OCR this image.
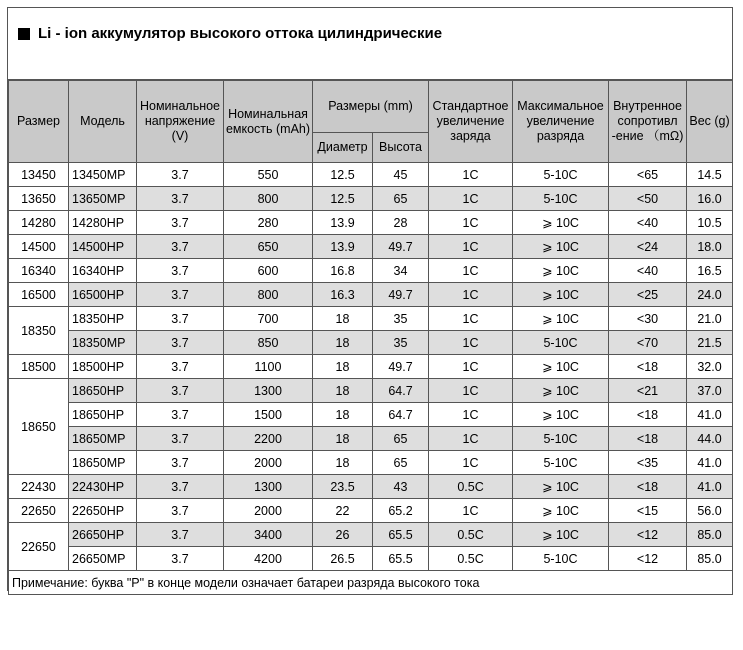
Li - ion аккумулятор высокого оттока цилиндрические
Размер	Модель	Номинальное напряжение (V)	Номинальная емкость (mAh)	Размеры (mm)		Стандартное увеличение заряда	Максимальное увеличение разряда	Внутренное сопротивл -ение （mΩ)	Вес (g)
				Диаметр	Высота				
13450	13450MP	3.7	550	12.5	45	1C	5-10C	<65	14.5
13650	13650MP	3.7	800	12.5	65	1C	5-10C	<50	16.0
14280	14280HP	3.7	280	13.9	28	1C	⩾ 10C	<40	10.5
14500	14500HP	3.7	650	13.9	49.7	1C	⩾ 10C	<24	18.0
16340	16340HP	3.7	600	16.8	34	1C	⩾ 10C	<40	16.5
16500	16500HP	3.7	800	16.3	49.7	1C	⩾ 10C	<25	24.0
18350	18350HP	3.7	700	18	35	1C	⩾ 10C	<30	21.0
	18350MP	3.7	850	18	35	1C	5-10C	<70	21.5
18500	18500HP	3.7	1100	18	49.7	1C	⩾ 10C	<18	32.0
18650	18650HP	3.7	1300	18	64.7	1C	⩾ 10C	<21	37.0
	18650HP	3.7	1500	18	64.7	1C	⩾ 10C	<18	41.0
	18650MP	3.7	2200	18	65	1C	5-10C	<18	44.0
	18650MP	3.7	2000	18	65	1C	5-10C	<35	41.0
22430	22430HP	3.7	1300	23.5	43	0.5C	⩾ 10C	<18	41.0
22650	22650HP	3.7	2000	22	65.2	1C	⩾ 10C	<15	56.0
22650	26650HP	3.7	3400	26	65.5	0.5C	⩾ 10C	<12	85.0
	26650MP	3.7	4200	26.5	65.5	0.5C	5-10C	<12	85.0
Примечание: буква "P" в конце модели означает батареи разряда высокого тока									
